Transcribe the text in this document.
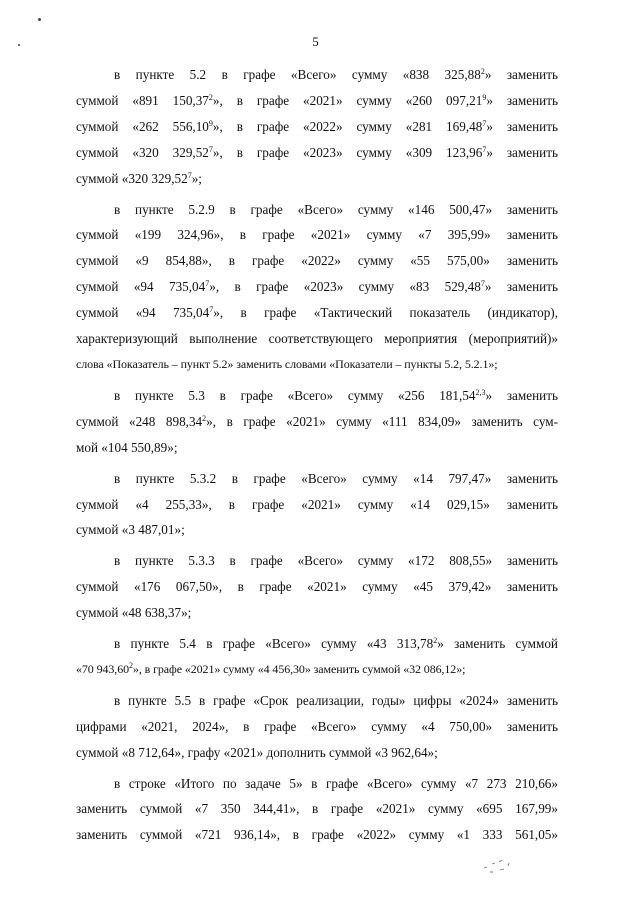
5
в пункте 5.2 в графе «Всего» сумму «838 325,88$^2$» заменить
суммой «891 150,37$^2$», в графе «2021» сумму «260 097,21$^9$» заменить
суммой «262 556,10$^9$», в графе «2022» сумму «281 169,48$^7$» заменить
суммой «320 329,52$^7$», в графе «2023» сумму «309 123,96$^7$» заменить
суммой «320 329,52$^7$»;
в пункте 5.2.9 в графе «Всего» сумму «146 500,47» заменить
суммой «199 324,96», в графе «2021» сумму «7 395,99» заменить
суммой «9 854,88», в графе «2022» сумму «55 575,00» заменить
суммой «94 735,04$^7$», в графе «2023» сумму «83 529,48$^7$» заменить
суммой «94 735,04$^7$», в графе «Тактический показатель (индикатор),
характеризующий выполнение соответствующего мероприятия (мероприятий)»
слова «Показатель – пункт 5.2» заменить словами «Показатели – пункты 5.2, 5.2.1»;
в пункте 5.3 в графе «Всего» сумму «256 181,54$^{2,3}$» заменить
суммой «248 898,34$^2$», в графе «2021» сумму «111 834,09» заменить сум-
мой «104 550,89»;
в пункте 5.3.2 в графе «Всего» сумму «14 797,47» заменить
суммой «4 255,33», в графе «2021» сумму «14 029,15» заменить
суммой «3 487,01»;
в пункте 5.3.3 в графе «Всего» сумму «172 808,55» заменить
суммой «176 067,50», в графе «2021» сумму «45 379,42» заменить
суммой «48 638,37»;
в пункте 5.4 в графе «Всего» сумму «43 313,78$^2$» заменить суммой
«70 943,60$^2$», в графе «2021» сумму «4 456,30» заменить суммой «32 086,12»;
в пункте 5.5 в графе «Срок реализации, годы» цифры «2024» заменить
цифрами «2021, 2024», в графе «Всего» сумму «4 750,00» заменить
суммой «8 712,64», графу «2021» дополнить суммой «3 962,64»;
в строке «Итого по задаче 5» в графе «Всего» сумму «7 273 210,66»
заменить суммой «7 350 344,41», в графе «2021» сумму «695 167,99»
заменить суммой «721 936,14», в графе «2022» сумму «1 333 561,05»
